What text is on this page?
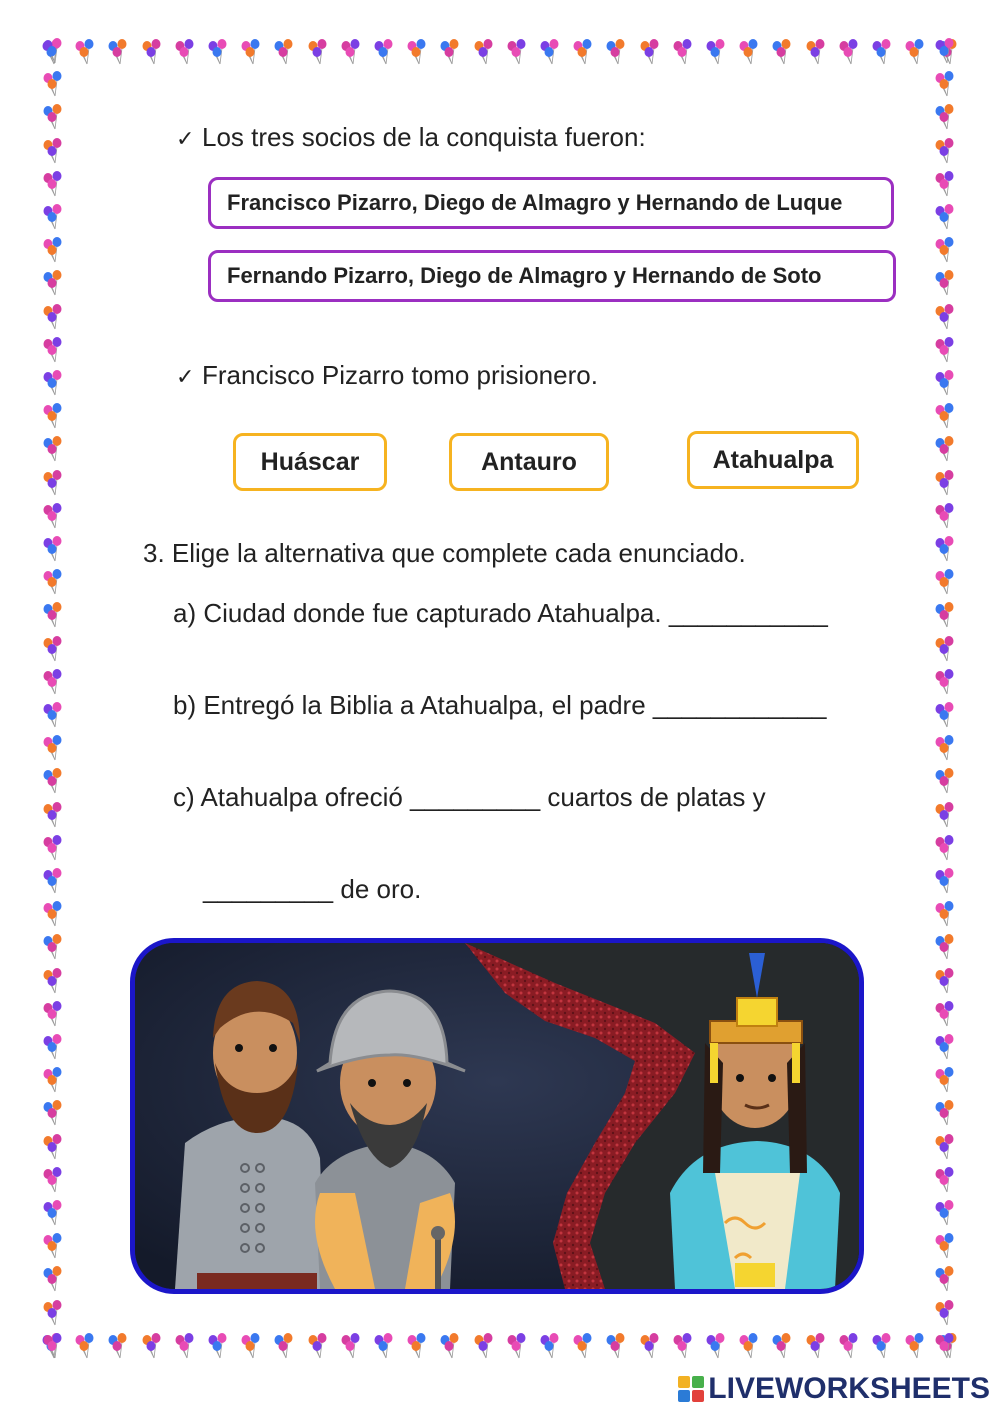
✓Los tres socios de la conquista fueron:
Francisco Pizarro, Diego de Almagro y Hernando de Luque
Fernando Pizarro, Diego de Almagro y Hernando de Soto
✓Francisco Pizarro tomo prisionero.
Huáscar	Antauro	Atahualpa
3. Elige la alternativa que complete cada enunciado.
a) Ciudad donde fue capturado Atahualpa. ___________
b) Entregó la Biblia a Atahualpa, el padre ____________
c) Atahualpa ofreció _________ cuartos de platas y
_________ de oro.
LIVEWORKSHEETS
